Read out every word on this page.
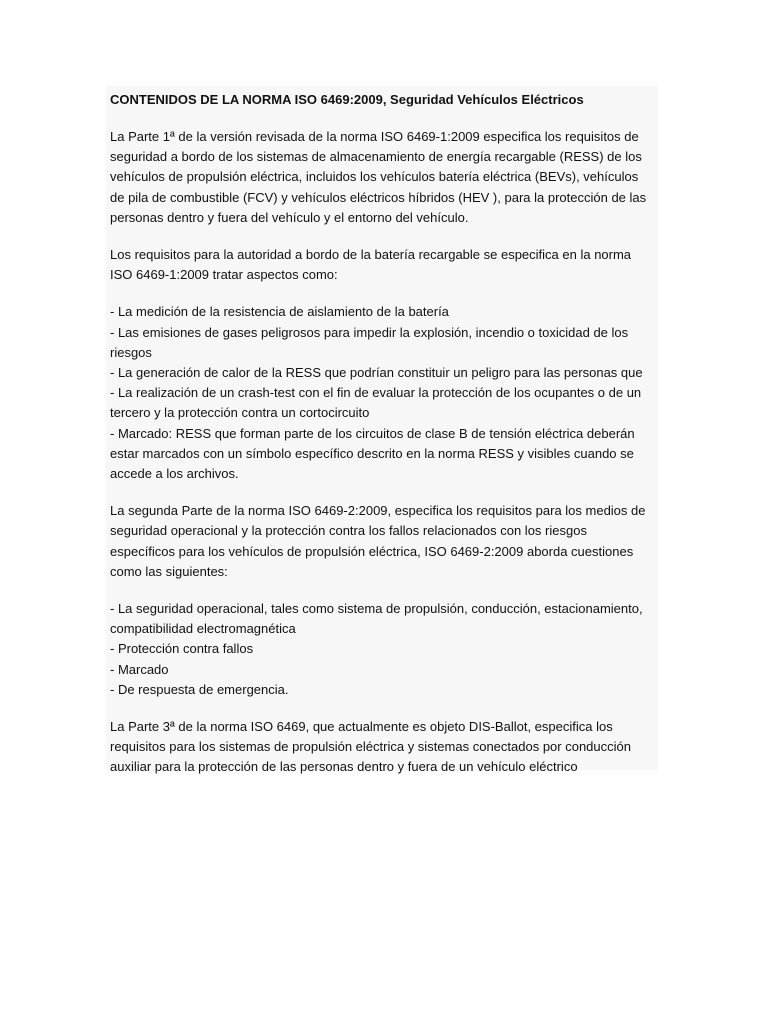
CONTENIDOS DE LA NORMA ISO 6469:2009, Seguridad Vehículos Eléctricos

La Parte 1ª de la versión revisada de la norma ISO 6469-1:2009 especifica los requisitos de seguridad a bordo de los sistemas de almacenamiento de energía recargable (RESS) de los vehículos de propulsión eléctrica, incluidos los vehículos batería eléctrica (BEVs), vehículos de pila de combustible (FCV) y vehículos eléctricos híbridos (HEV ), para la protección de las personas dentro y fuera del vehículo y el entorno del vehículo.

Los requisitos para la autoridad a bordo de la batería recargable se especifica en la norma ISO 6469-1:2009 tratar aspectos como:

- La medición de la resistencia de aislamiento de la batería
- Las emisiones de gases peligrosos para impedir la explosión, incendio o toxicidad de los riesgos
- La generación de calor de la RESS que podrían constituir un peligro para las personas que
- La realización de un crash-test con el fin de evaluar la protección de los ocupantes o de un tercero y la protección contra un cortocircuito
- Marcado: RESS que forman parte de los circuitos de clase B de tensión eléctrica deberán estar marcados con un símbolo específico descrito en la norma RESS y visibles cuando se accede a los archivos.

La segunda Parte de la norma ISO 6469-2:2009, especifica los requisitos para los medios de seguridad operacional y la protección contra los fallos relacionados con los riesgos específicos para los vehículos de propulsión eléctrica, ISO 6469-2:2009 aborda cuestiones como las siguientes:

- La seguridad operacional, tales como sistema de propulsión, conducción, estacionamiento, compatibilidad electromagnética
- Protección contra fallos
- Marcado
- De respuesta de emergencia.

La Parte 3ª de la norma ISO 6469, que actualmente es objeto DIS-Ballot, especifica los requisitos para los sistemas de propulsión eléctrica y sistemas conectados por conducción auxiliar para la protección de las personas dentro y fuera de un vehículo eléctrico
